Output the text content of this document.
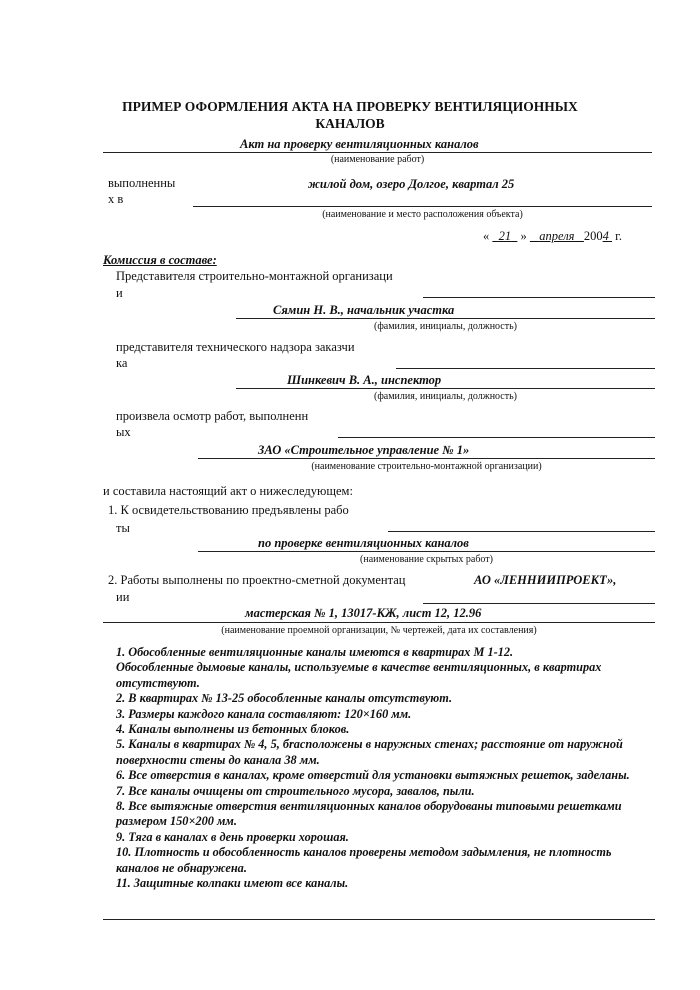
ПРИМЕР ОФОРМЛЕНИЯ АКТА НА ПРОВЕРКУ ВЕНТИЛЯЦИОННЫХ
КАНАЛОВ
Акт на проверку вентиляционных каналов
(наименование работ)
выполненны
х в
жилой дом, озеро Долгое, квартал 25
(наименование и место расположения объекта)
« 21 » апреля 2004 г.
Комиссия в составе:
Представителя строительно-монтажной организаци
и
Сямин Н. В., начальник участка
(фамилия, инициалы, должность)
представителя технического надзора заказчи
ка
Шинкевич В. А., инспектор
(фамилия, инициалы, должность)
произвела осмотр работ, выполненн
ых
ЗАО «Строительное управление № 1»
(наименование строительно-монтажной организации)
и составила настоящий акт о нижеследующем:
1. К освидетельствованию предъявлены рабо
ты
по проверке вентиляционных каналов
(наименование скрытых работ)
2. Работы выполнены по проектно-сметной документац
ии
АО «ЛЕННИИПРОЕКТ»,
мастерская № 1, 13017-КЖ, лист 12, 12.96
(наименование проемной организации, № чертежей, дата их составления)
1. Обособленные вентиляционные каналы имеются в квартирах М 1-12.
Обособленные дымовые каналы, используемые в качестве вентиляционных, в квартирах отсутствуют.
2. В квартирах № 13-25 обособленные каналы отсутствуют.
3. Размеры каждого канала составляют: 120×160 мм.
4. Каналы выполнены из бетонных блоков.
5. Каналы в квартирах № 4, 5, бrасположены в наружных стенах; расстояние от наружной поверхности стены до канала 38 мм.
6. Все отверстия в каналах, кроме отверстий для установки вытяжных решеток, заделаны.
7. Все каналы очищены от строительного мусора, завалов, пыли.
8. Все вытяжные отверстия вентиляционных каналов оборудованы типовыми решетками размером 150×200 мм.
9. Тяга в каналах в день проверки хорошая.
10. Плотность и обособленность каналов проверены методом задымления, не плотность каналов не обнаружена.
11. Защитные колпаки имеют все каналы.
